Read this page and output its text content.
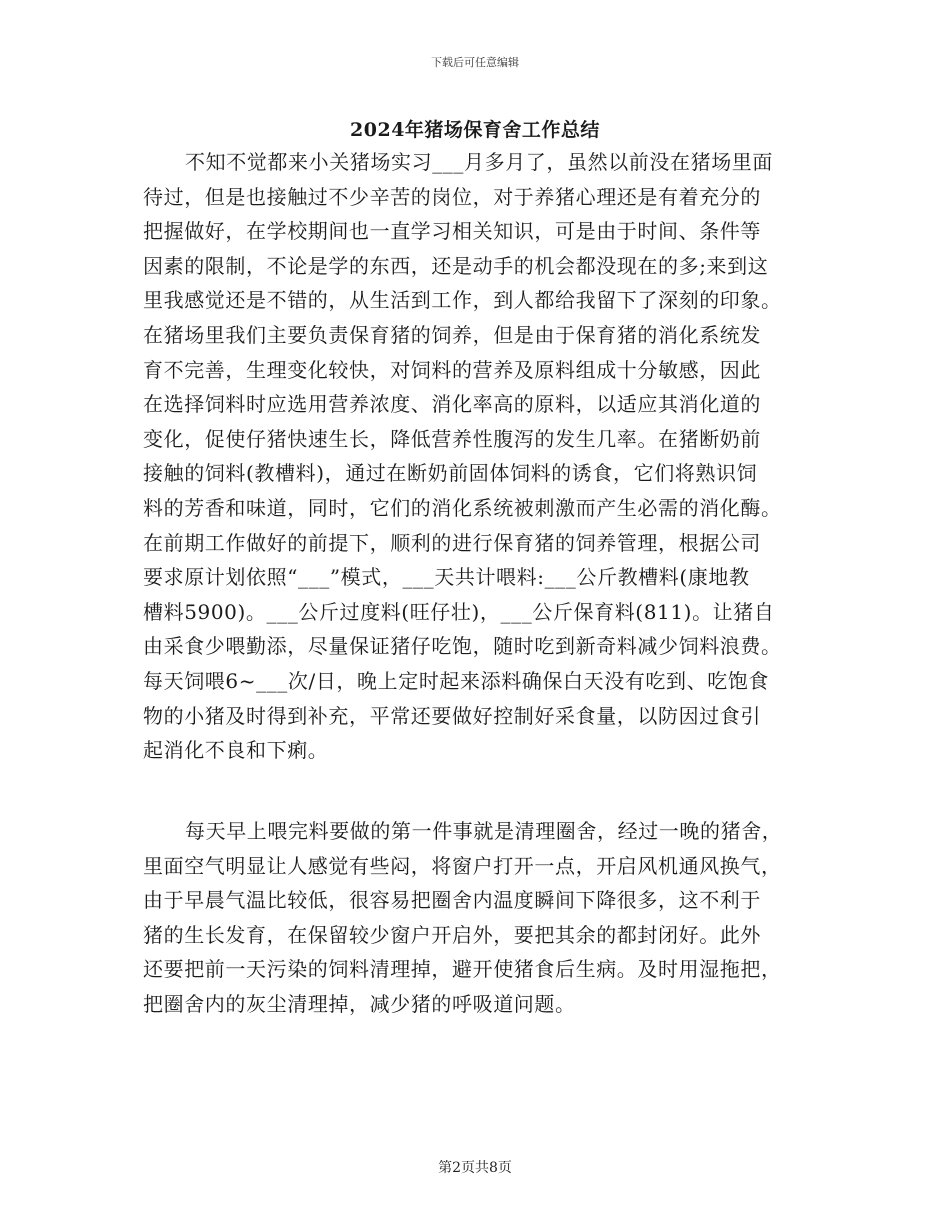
下载后可任意编辑
2024年猪场保育舍工作总结
不知不觉都来小关猪场实习___月多月了，虽然以前没在猪场里面
待过，但是也接触过不少辛苦的岗位，对于养猪心理还是有着充分的
把握做好，在学校期间也一直学习相关知识，可是由于时间、条件等
因素的限制，不论是学的东西，还是动手的机会都没现在的多;来到这
里我感觉还是不错的，从生活到工作，到人都给我留下了深刻的印象。
在猪场里我们主要负责保育猪的饲养，但是由于保育猪的消化系统发
育不完善，生理变化较快，对饲料的营养及原料组成十分敏感，因此
在选择饲料时应选用营养浓度、消化率高的原料，以适应其消化道的
变化，促使仔猪快速生长，降低营养性腹泻的发生几率。在猪断奶前
接触的饲料(教槽料)，通过在断奶前固体饲料的诱食，它们将熟识饲
料的芳香和味道，同时，它们的消化系统被刺激而产生必需的消化酶。
在前期工作做好的前提下，顺利的进行保育猪的饲养管理，根据公司
要求原计划依照“___”模式，___天共计喂料:___公斤教槽料(康地教
槽料5900)。___公斤过度料(旺仔壮)，___公斤保育料(811)。让猪自
由采食少喂勤添，尽量保证猪仔吃饱，随时吃到新奇料减少饲料浪费。
每天饲喂6~___次/日，晚上定时起来添料确保白天没有吃到、吃饱食
物的小猪及时得到补充，平常还要做好控制好采食量，以防因过食引
起消化不良和下痢。
每天早上喂完料要做的第一件事就是清理圈舍，经过一晚的猪舍，
里面空气明显让人感觉有些闷，将窗户打开一点，开启风机通风换气，
由于早晨气温比较低，很容易把圈舍内温度瞬间下降很多，这不利于
猪的生长发育，在保留较少窗户开启外，要把其余的都封闭好。此外
还要把前一天污染的饲料清理掉，避开使猪食后生病。及时用湿拖把，
把圈舍内的灰尘清理掉，减少猪的呼吸道问题。
第2页共8页
